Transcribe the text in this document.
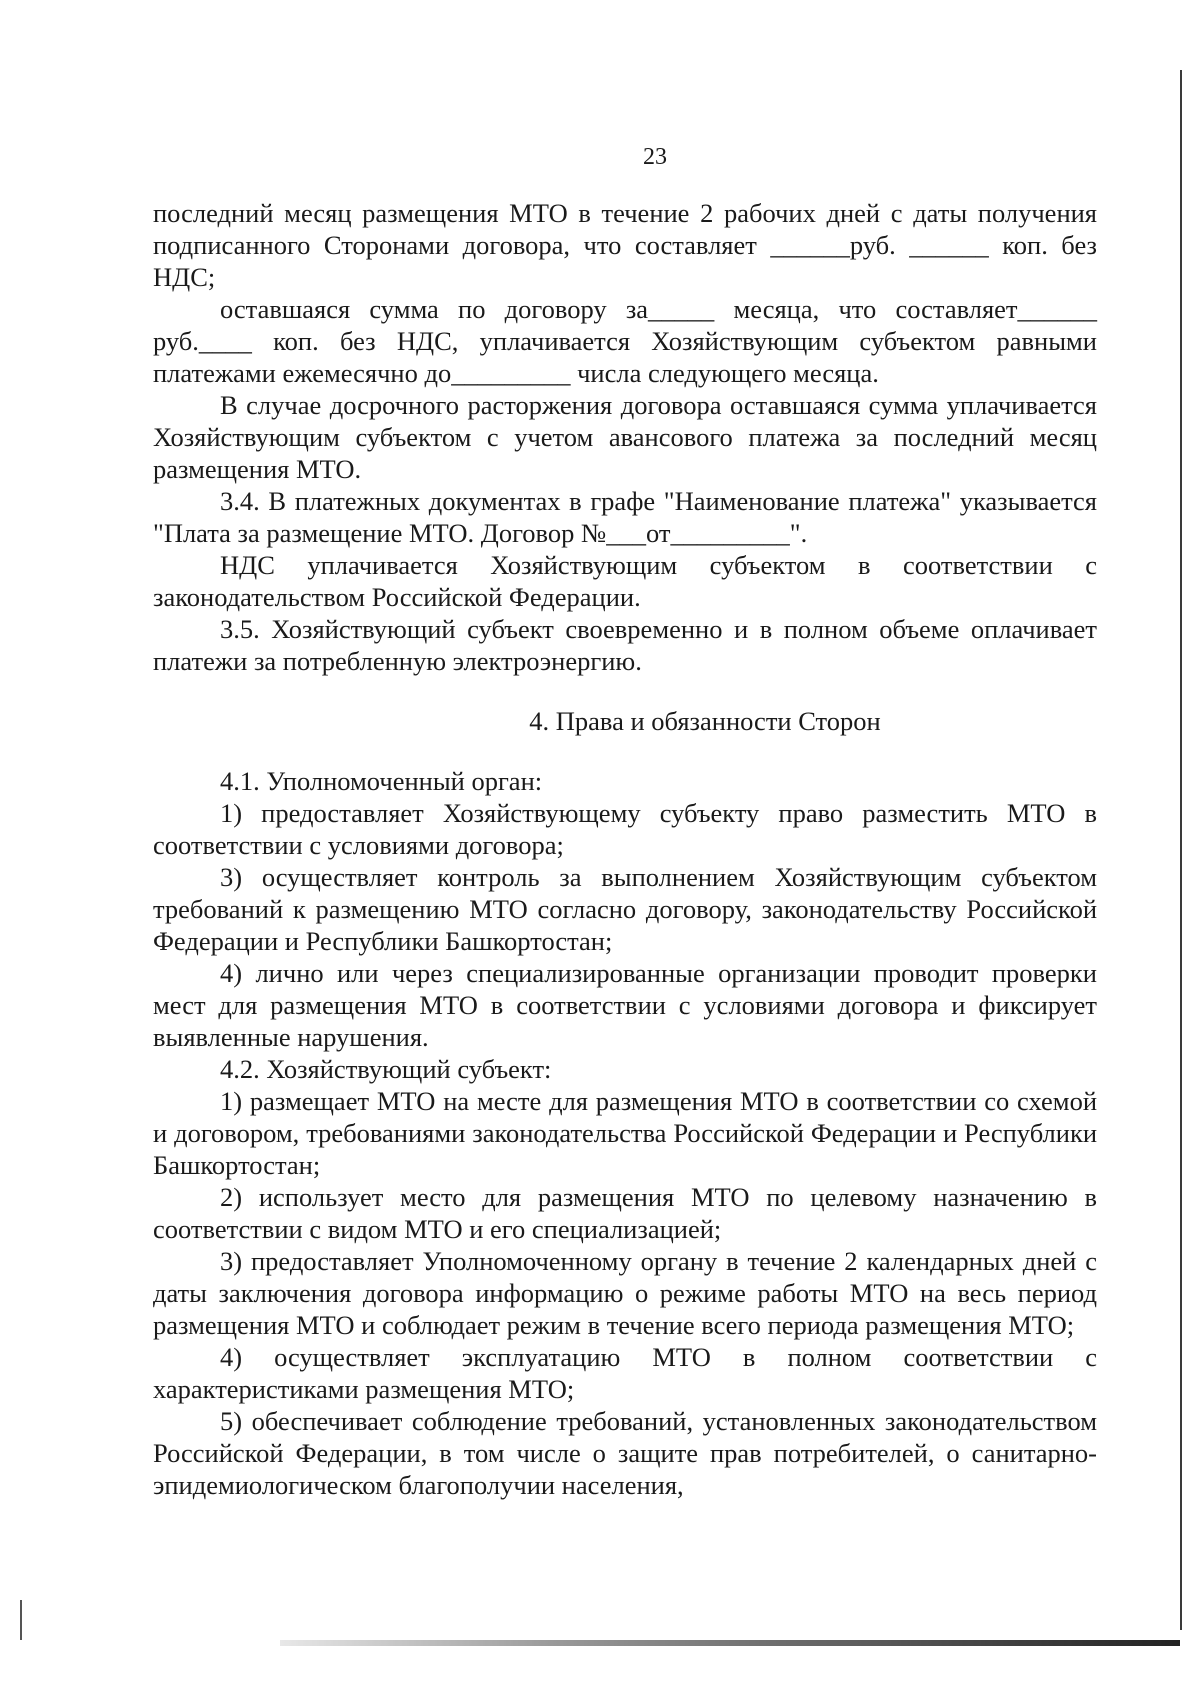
23

последний месяц размещения МТО в течение 2 рабочих дней с даты получения подписанного Сторонами договора, что составляет ______руб. ______ коп. без НДС;

оставшаяся сумма по договору за_____ месяца, что составляет______ руб.____ коп. без НДС, уплачивается Хозяйствующим субъектом равными платежами ежемесячно до_________ числа следующего месяца.

В случае досрочного расторжения договора оставшаяся сумма уплачивается Хозяйствующим субъектом с учетом авансового платежа за последний месяц размещения МТО.

3.4. В платежных документах в графе "Наименование платежа" указывается "Плата за размещение МТО. Договор №___от_________".

НДС уплачивается Хозяйствующим субъектом в соответствии с законодательством Российской Федерации.

3.5. Хозяйствующий субъект своевременно и в полном объеме оплачивает платежи за потребленную электроэнергию.

4. Права и обязанности Сторон

4.1. Уполномоченный орган:

1) предоставляет Хозяйствующему субъекту право разместить МТО в соответствии с условиями договора;

3) осуществляет контроль за выполнением Хозяйствующим субъектом требований к размещению МТО согласно договору, законодательству Российской Федерации и Республики Башкортостан;

4) лично или через специализированные организации проводит проверки мест для размещения МТО в соответствии с условиями договора и фиксирует выявленные нарушения.

4.2. Хозяйствующий субъект:

1) размещает МТО на месте для размещения МТО в соответствии со схемой и договором, требованиями законодательства Российской Федерации и Республики Башкортостан;

2) использует место для размещения МТО по целевому назначению в соответствии с видом МТО и его специализацией;

3) предоставляет Уполномоченному органу в течение 2 календарных дней с даты заключения договора информацию о режиме работы МТО на весь период размещения МТО и соблюдает режим в течение всего периода размещения МТО;

4) осуществляет эксплуатацию МТО в полном соответствии с характеристиками размещения МТО;

5) обеспечивает соблюдение требований, установленных законодательством Российской Федерации, в том числе о защите прав потребителей, о санитарно-эпидемиологическом благополучии населения,
